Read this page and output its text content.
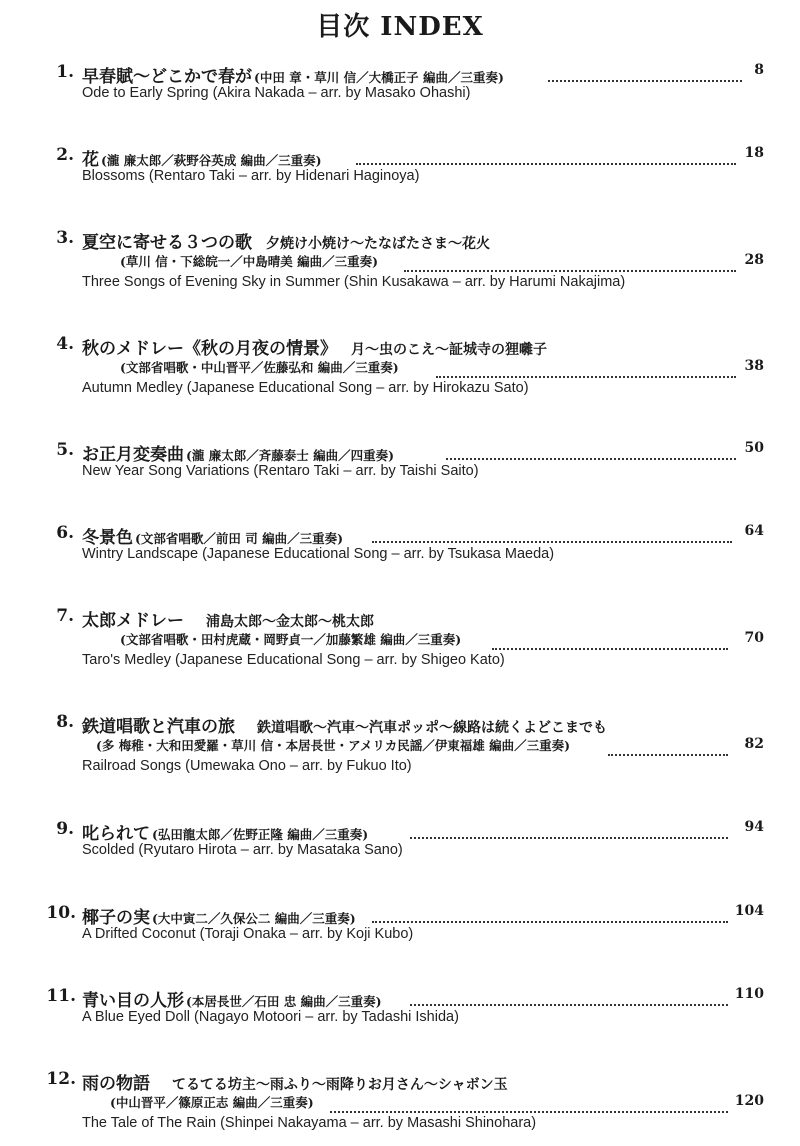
目次 INDEX
1. 早春賦〜どこかで春が (中田 章・草川 信／大橋正子 編曲／三重奏)	8
Ode to Early Spring (Akira Nakada – arr. by Masako Ohashi)
2. 花 (瀧 廉太郎／萩野谷英成 編曲／三重奏)	18
Blossoms (Rentaro Taki – arr. by Hidenari Haginoya)
3. 夏空に寄せる３つの歌 夕焼け小焼け〜たなばたさま〜花火
(草川 信・下総皖一／中島晴美 編曲／三重奏)	28
Three Songs of Evening Sky in Summer (Shin Kusakawa – arr. by Harumi Nakajima)
4. 秋のメドレー《秋の月夜の情景》 月〜虫のこえ〜証城寺の狸囃子
(文部省唱歌・中山晋平／佐藤弘和 編曲／三重奏)	38
Autumn Medley (Japanese Educational Song – arr. by Hirokazu Sato)
5. お正月変奏曲 (瀧 廉太郎／斉藤泰士 編曲／四重奏)	50
New Year Song Variations (Rentaro Taki – arr. by Taishi Saito)
6. 冬景色 (文部省唱歌／前田 司 編曲／三重奏)	64
Wintry Landscape (Japanese Educational Song – arr. by Tsukasa Maeda)
7. 太郎メドレー 浦島太郎〜金太郎〜桃太郎
(文部省唱歌・田村虎蔵・岡野貞一／加藤繁雄 編曲／三重奏)	70
Taro's Medley (Japanese Educational Song – arr. by Shigeo Kato)
8. 鉄道唱歌と汽車の旅 鉄道唱歌〜汽車〜汽車ポッポ〜線路は続くよどこまでも
(多 梅稚・大和田愛羅・草川 信・本居長世・アメリカ民謡／伊東福雄 編曲／三重奏)	82
Railroad Songs (Umewaka Ono – arr. by Fukuo Ito)
9. 叱られて (弘田龍太郎／佐野正隆 編曲／三重奏)	94
Scolded (Ryutaro Hirota – arr. by Masataka Sano)
10. 椰子の実 (大中寅二／久保公二 編曲／三重奏)	104
A Drifted Coconut (Toraji Onaka – arr. by Koji Kubo)
11. 青い目の人形 (本居長世／石田 忠 編曲／三重奏)	110
A Blue Eyed Doll (Nagayo Motoori – arr. by Tadashi Ishida)
12. 雨の物語 てるてる坊主〜雨ふり〜雨降りお月さん〜シャボン玉
(中山晋平／篠原正志 編曲／三重奏)	120
The Tale of The Rain (Shinpei Nakayama – arr. by Masashi Shinohara)
